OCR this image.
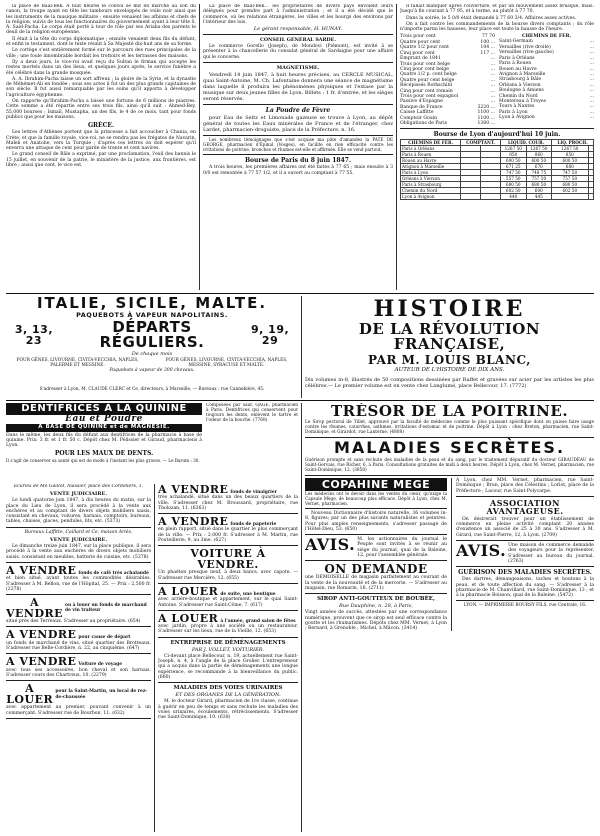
la place de Baal-Bek. A huit heures le convoi se mit en marche au son du canon, la troupe ayant en tête les tambours enveloppés de voile noir ainsi que les instruments de la musique militaire ; ensuite venaient les afbinns et chefs de la religion, suivis de tous les fonctionnaires du gouvernement ayant à leur tête S. A. Said-Pacha. Le corps était porté à tour de rôle par ses Ariaba des parents le deuil de la religion européenne.

Il était à la tête du corps diplomatique ; ensuite venaient deux fils du défunt, et enfin le testament, dont le texte réunit à Sa Majesté dix-huit ans de sa forme.

Le cortège s'est entièrement formé sur le parcours des rues principales de la ville ; une foule innombrable bordait les trottoirs et les terrasses des maisons.

Ily a deux jours, le vice-roi avait reçu du Sultan le firman qui accepte les restes mortels dans un des lieux, et quelques jours après, le service funèbre a été célébré dans la grande mosquée.

A. A. Ibrahim-Pacha laisse un sort affreux ; la gloire de la Syrie, et la dynastie de Méhémet-Ali en fondée ; sous ses actes il fut un des plus grands capitaines de son siècle. Il fut aussi remarquable par les soins qu'il apporta à développer l'agriculture égyptienne.

On rapporte qu'Ibrahim-Pacha a laissé une fortune de 6 millions de piastres. Cette somme a été répartie entre ses trois fils, ainsi qu'il suit : Ahmed-Bey, 55,000 bourses ; Ismaïl, Mustapha, un des fils, le 4 de ce mois, tant pour fonds publics que pour les maisons.

GRÈCE.

Les lettres d'Athènes portent que la princesse a fait accoucher à Chania, en Crète, et que la famille royale, vice-roi, ne se rendra pas les frégates de Navarin, Malek et Anatolie, vers la Turquie ; d'après ces lettres on doit espérer qu'il enverra une attaque de cent pour garde de trente et cent navires.

Le grand conseil de Bâle a exprimé, par une proclamation, l'exil des bannis le 15 juillet, en souvenir de la patrie, le ministère de la justice, aux frontières, est libre ; aussi que cent, le vice est.

La place de Baal-Bek... les propriétaires de divers pays envoient leurs délégués pour prendre part à l'administration ; et il a été décidé que le commerce, où les relations étrangères, les villes et les bourgs des environs par l'intérieur des lois.

Le gérant responsable, H. HUNAY.

CONSEIL GÉNÉRAL SARDE.

Le commerce Gorello (Joseph), de Mondovi (Piémont), est invité à se présenter à la chancellerie du consulat général de Sardaigne pour une affaire qui le concerne.

MAGNÉTISME.

Vendredi 14 juin 1847, à huit heures précises, au CERCLE MUSICAL, quai Saint-Antoine, M. Ch. Lafontaine donnera une séance de magnétisme dans laquelle il produira les phénomènes physiques et l'extase par la musique sur deux jeunes filles de Lyon. Billets : 1 fr. d'entrée, et les sièges seront réservés.

La Poudre de Fèvre

pour Eau de Seltz et Limonade gazeuse se trouve à Lyon, au dépôt général de toutes les Eaux minérales de France et de l'étranger, chez Lardet, pharmacien-droguiste, place de la Préfecture, n. 16.

Les nombreux témoignages que s'est acquise ma pâte d'amandes la PATE DE GEORGE, pharmacien d'Épinal (Vosges), en facilite en rien efficacité contre les irritations de poitrine, bronches et rhumes est-elle et affirmée. Elle se vend partout.

Bourse de Paris du 8 juin 1847.

A trois heures, les premières affaires ont été faites à 77 65 ; mais ensuite à 3 0/0 est remontée à 77 57 1/2, et il a ouvert au comptant à 77 55.

Il fallait manquer après l'ouverture, et par un mouvement assez brusque, mais. Jusqu'à fin courant à 77 95, et à terme, au plutôt à 77 70.

Dans la soirée, le 5 0/0 était demandé à 77 60 3/4. Affaires assez actives.

On a fait contre les commandements de la bourse divers comptants ; du rôle n'importe parmi les hausses, leur place est toute la hausse de l'heure.

Trois pour cent	77 70
Quatre pour cent	100 ...
Quatre 1/2 pour cent	104 ...
Cinq pour cent	117 ...
Emprunt de 1841	...
Trois pour cent belge	...
Cinq pour cent belge	...
Quatre 1/2 p. cent belge	...
Quatre pour cent belge	...
Récépissés Rothschild	...
Cinq pour cent romain	...
Trois pour cent espagnol	...
Passive d'Espagne	...
Banque de France	3220 ...
Caisse Laffitte	1100 ...
Comptoir Gouin	1100 ...
Obligations de Paris	1380 ...
CHEMINS DE FER.
Saint-Germain	...
Versailles (rive droite)	...
Versailles (rive gauche)	...
Paris à Orléans	...
Paris à Rouen	...
Rouen au Havre	...
Avignon à Marseille	...
Strasbourg à Bâle	...
Orléans à Vierzon	...
Boulogne à Amiens	...
Chemin du Nord	...
Montereau à Troyes	...
Tours à Nantes	...
Paris à Lyon	...
Lyon à Avignon	...
Bourse de Lyon d'aujourd'hui 10 juin.
CHEMINS DE FER.	COMPTANT.		LIQUID. COUR.		LIQ. PROCH.	
Paris à Orléans			1267 50	1267 50	1267 50	
Paris à Rouen			850	860	850	
Rouen au Havre			600 50	600 50	600 50	
Avignon à Marseille			671 25	670	680	
Paris à Lyon			747 50	748 75	747 50	
Orléans à Vierzon			557 50	757 50	757 50	
Paris à Strasbourg			680 50	680 50	680 50	
Chemin du Nord			602 50	600	602 50	
Lyon à Avignon			440	445		
ITALIE, SICILE, MALTE.
PAQUEBOTS À VAPEUR NAPOLITAINS.
3, 13, 23
DÉPARTS RÉGULIERS.
9, 19, 29
De chaque mois

POUR GÊNES, LIVOURNE, CIVITA-VECCHIA, NAPLES, PALERME ET MESSINE.

POUR GÊNES, LIVOURNE, CIVITA-VECCHIA, NAPLES, MESSINE, SYRACUSE ET MALTE.

Paquebots à vapeur de 300 chevaux.

S'adresser à Lyon, M. CLAUDE CLERC et Ce, directeurs, à Marseille, — Bureaux : rue Cannebière, 45.

HISTOIRE
DE LA RÉVOLUTION FRANÇAISE,
PAR M. LOUIS BLANC,
AUTEUR DE L'HISTOIRE DE DIX ANS.

Dix volumes in-8, illustrés de 50 compositions dessinées par Raffet et gravées sur acier par les artistes les plus célèbres.— Le premier volume est en vente chez Langlumé, place Bellecour, 17. (7772)

DENTIFRICES À LA QUININE
Eau et Poudre
À BASE DE QUININE et de MAGNÉSIE.

Dans le même, les deux fils du défunt aux dentifrices de la pharmacie à base de quinine. Prix: 3 fr. et 1 fr. 50 c. Dépôt chez M. Pélissier et Giraud, pharmaciens à Lyon.

POUR LES MAUX DE DENTS.

Il s'agit de conserver sa santé qui est de mode à l'instant les plus graves. — Le Barum : 30.

Composées par sauf. GAGE, pharmacien à Paris. Dentifrices qui conservent pour toujours les dents, enlèvent le tartre et l'odeur de la bouche. (7768)

Écuries de Me Gaillot, huissier, place des Cordeliers, 1.

VENTE JUDICIAIRE.

Le lundi quatorze juin 1847, à dix heures du matin, sur la place du Lieu de Lyon, il sera procédé à la vente aux enchères et au comptant de divers objets mobiliers saisis, consistant en chevaux, voitures, harnais, comptoirs, bureaux, tables, chaises, glaces, pendules, lits, etc. (5373)

Bureaux Laffitte, Caillard et Ce, maison Ariès.

VENTE JUDICIAIRE.

Le dimanche treize juin 1847, sur la place publique, il sera procédé à la vente aux enchères de divers objets mobiliers saisis, consistant en meubles, batterie de cuisine, etc. (5378)

A VENDRE fonds de café très achalandé

et bien situé, ayant toutes les commodités désirables. S'adresser à M. Bellon, rue de l'Hôpital, 25. — Prix : 2,500 fr. (2278)

A VENDRE
ou à louer un fonds de marchand de vin traiteur

situé près des Terreaux. S'adresser au propriétaire. (654)

A VENDRE pour cause de départ

un fonds de marchand de vins, situé quartier des Brotteaux. S'adresser rue Belle-Cordière, n. 22, au cinquième. (647)

A VENDRE Voiture de voyage

avec tous ses accessoires, bon cheval et son harnais. S'adresser cours des Chartreux, 10. (2279)

A LOUER
pour la Saint-Martin, un local de rez-de-chaussée

avec appartement au premier, pouvant convenir à un commerçant. S'adresser rue de Bourbon, 11. (632)

A VENDRE fonds de vinaigrier

très achalandé, situé dans un des beaux quartiers de la ville. S'adresser chez M. Broussard, propriétaire, rue Tholozan, 11. (6363)

A VENDRE fonds de papeterie

en plein rapport, situé dans le quartier le plus commerçant de la ville. — Prix : 2,000 fr. S'adresser à M. Martin, rue Pouteillerie, 9, au 3me. (627)

VOITURE À VENDRE.

Un phaéton presque neuf, à deux bancs, avec capote. — S'adresser rue Mercière, 12. (655)

A LOUER de suite, une boutique

avec arrière-boutique et appartement, sur le quai Saint-Antoine. S'adresser rue Saint-Côme, 7. (617)

A LOUER à l'année, grand salon de fêtes

avec jardin, propre à une société ou un restaurateur. S'adresser sur les lieux, rue de la Vieille, 12. (653)

ENTREPRISE DE DÉMÉNAGEMENTS
PAR J. VOLLET, VOITURIER.

Ci-devant place Bellecour, n. 19, actuellement rue Saint-Joseph, n. 4, à l'angle de la place Grolier. L'entrepreneur qui a acquis dans la partie de déménagements une longue expérience, se recommande à la bienveillance du public. (660)

MALADIES DES VOIES URINAIRES
ET DES ORGANES DE LA GÉNÉRATION.

M. le docteur Girard, pharmacien de 1re classe, continue à guérir en peu de temps et sans rechute les maladies des voies urinaires, écoulements, rétrécissements. S'adresser rue Saint-Dominique, 10. (638)

TRÉSOR DE LA POITRINE.

Le Sirop pectoral de Tillet, approuvé par la faculté de médecine comme le plus puissant spécifique dont on puisse faire usage contre les rhumes, catarrhes, asthmes, irritations d'estomac et de poitrine. Dépôt à Lyon : chez Breton, pharmacien, rue Saint-Dominique, et Girardot, rue Lanterne. (4808)

MALADIES SECRÈTES.

Guérison prompte et sans rechute des maladies de la peau et du sang, par le traitement dépuratif du docteur GIRAUDEAU de Saint-Gervais, rue Richer, 6, à Paris. Consultations gratuites de midi à deux heures. Dépôt à Lyon, chez M. Vernet, pharmacien, rue Saint-Dominique, 12. (3850)

COPAHINE MEGE

Les médecins ont le devoir dans les ventes du cœur, qu'exige la Capsule Mège, de beaucoup plus efficace. Dépôt à Lyon, chez M. Vernet, pharmacien.

Nouveau Dictionnaire d'histoire naturelle, 36 volumes in-8, figures; par un des plus savants naturalistes et peintres. Pour plus amples renseignements, s'adresser passage de l'Hôtel-Dieu, 53. (650)

AVIS. M. les actionnaires du journal le Peuple sont invités à se réunir au siège du journal, quai de la Baleine, 12, pour l'assemblée générale.

ON DEMANDE

une DEMOISELLE de magasin parfaitement au courant de la vente de la nouveauté et de la mercerie. — S'adresser au magasin, rue Romarin, 16. (2711)

SIROP ANTI-GOUTTEUX DE BOUBÉE,
Rue Dauphine, n. 28, à Paris,

Vingt années de succès, attestées par une correspondance numérique, prouvent que ce sirop est seul efficace contre la goutte et les rhumatismes. Dépôts chez MM. Vernet, à Lyon ; Bernard, à Grenoble ; Michel, à Mâcon. (3414)

A Lyon, chez MM. Vernet, pharmacien, rue Saint-Dominique ; Brun, place des Célestins ; Loriot, place de la Préfecture ; Lacour, rue Saint-Polycarpe.

ASSOCIATION AVANTAGEUSE.

On désirerait trouver pour un établissement de commerce en pleine activité comptant 20 années d'existence un associé de 25 à 30 ans. S'adresser à M. Girard, rue Saint-Pierre, 12, à Lyon. (2709)

AVIS. Une maison de commerce demande des voyageurs pour la représenter. S'adresser au bureau du journal. (2763)

GUÉRISON DES MALADIES SECRÈTES.

Des dartres, démangeaisons, taches et boutons à la peau, et de toute affection du sang. — S'adresser à la pharmacie de M. Chanvillard, rue Saint-Dominique, 13 ; et à la pharmacie Boisson, quai de la Baleine. (5472)

LYON. — IMPRIMERIE BOURSY FILS, rue Centrale, 16.
